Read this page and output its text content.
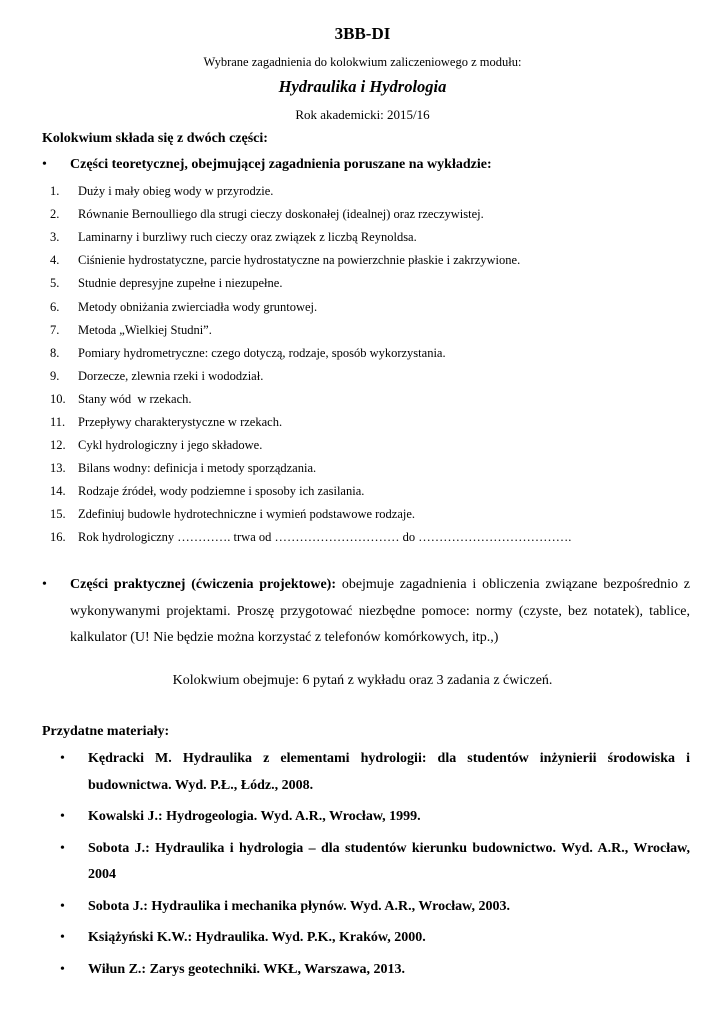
3BB-DI
Wybrane zagadnienia do kolokwium zaliczeniowego z modułu:
Hydraulika i Hydrologia
Rok akademicki: 2015/16
Kolokwium składa się z dwóch części:
• Części teoretycznej, obejmującej zagadnienia poruszane na wykładzie:
1.	Duży i mały obieg wody w przyrodzie.
2.	Równanie Bernoulliego dla strugi cieczy doskonałej (idealnej) oraz rzeczywistej.
3.	Laminarny i burzliwy ruch cieczy oraz związek z liczbą Reynoldsa.
4.	Ciśnienie hydrostatyczne, parcie hydrostatyczne na powierzchnie płaskie i zakrzywione.
5.	Studnie depresyjne zupełne i niezupełne.
6.	Metody obniżania zwierciadła wody gruntowej.
7.	Metoda „Wielkiej Studni”.
8.	Pomiary hydrometryczne: czego dotyczą, rodzaje, sposób wykorzystania.
9.	Dorzecze, zlewnia rzeki i wododział.
10. Stany wód  w rzekach.
11.	Przepływy charakterystyczne w rzekach.
12. Cykl hydrologiczny i jego składowe.
13. Bilans wodny: definicja i metody sporządzania.
14. Rodzaje źródeł, wody podziemne i sposoby ich zasilania.
15. Zdefiniuj budowle hydrotechniczne i wymień podstawowe rodzaje.
16. Rok hydrologiczny …………. trwa od ………………………… do ……………………………….
• Części praktycznej (ćwiczenia projektowe): obejmuje zagadnienia i obliczenia związane bezpośrednio z wykonywanymi projektami. Proszę przygotować niezbędne pomoce: normy (czyste, bez notatek), tablice, kalkulator (U! Nie będzie można korzystać z telefonów komórkowych, itp.,)
Kolokwium obejmuje: 6 pytań z wykładu oraz 3 zadania z ćwiczeń.
Przydatne materiały:
• Kędracki M. Hydraulika z elementami hydrologii: dla studentów inżynierii środowiska i budownictwa. Wyd. P.Ł., Łódz., 2008.
• Kowalski J.: Hydrogeologia. Wyd. A.R., Wrocław, 1999.
• Sobota J.: Hydraulika i hydrologia – dla studentów kierunku budownictwo. Wyd. A.R., Wrocław, 2004
• Sobota J.: Hydraulika i mechanika płynów. Wyd. A.R., Wrocław, 2003.
• Książyński K.W.: Hydraulika. Wyd. P.K., Kraków, 2000.
• Wiłun Z.: Zarys geotechniki. WKŁ, Warszawa, 2013.
